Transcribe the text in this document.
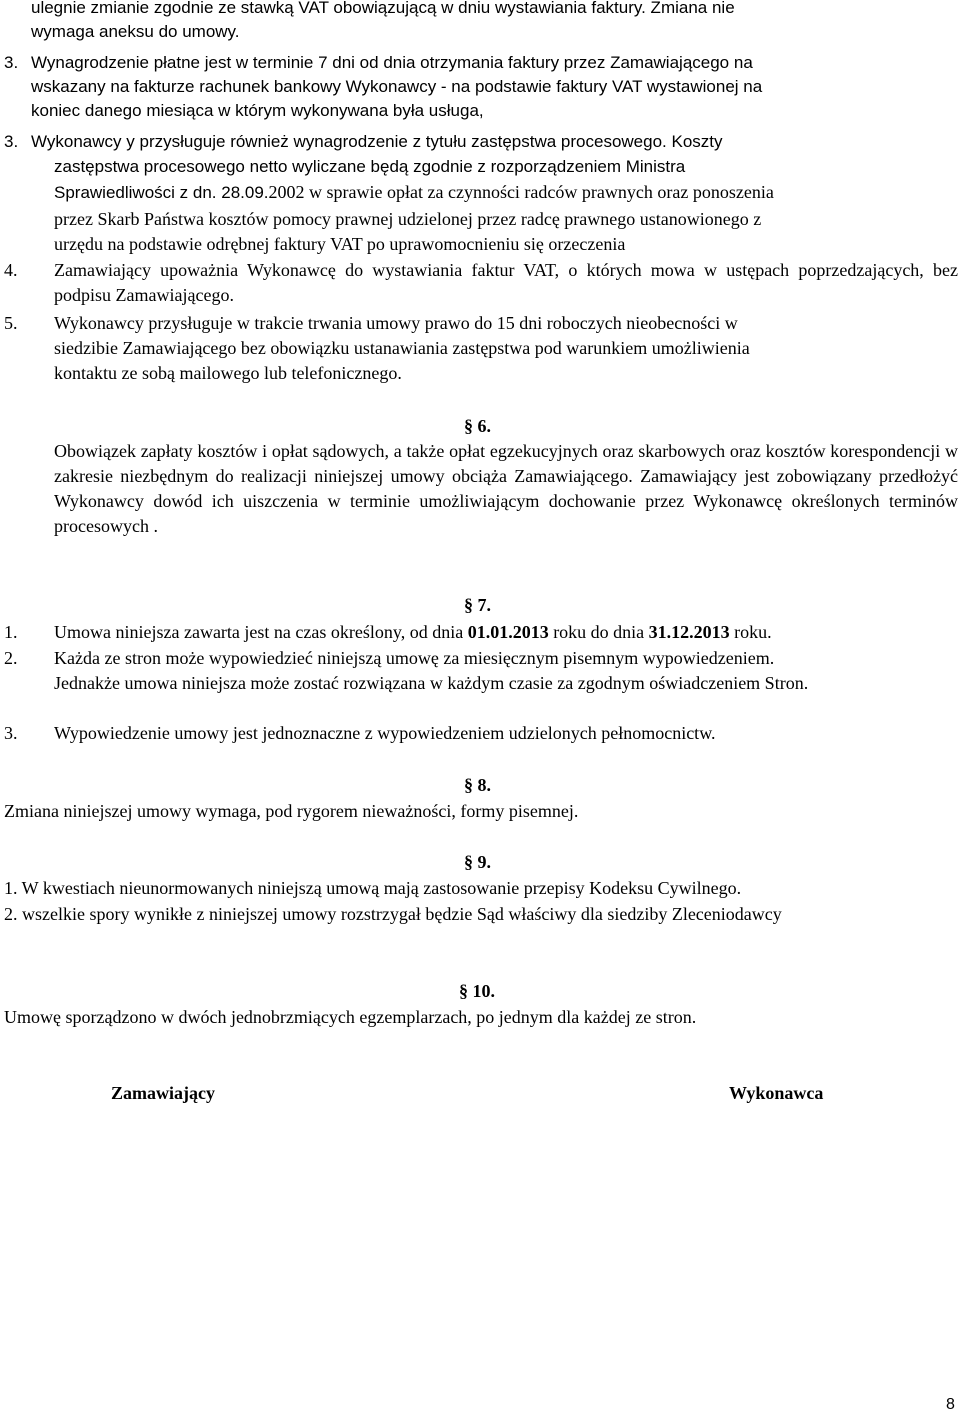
ulegnie zmianie zgodnie ze stawką VAT obowiązującą w dniu wystawiania faktury. Zmiana nie
wymaga aneksu do umowy.
3. Wynagrodzenie płatne jest w terminie 7 dni od dnia otrzymania faktury przez Zamawiającego na
wskazany na fakturze rachunek bankowy Wykonawcy - na podstawie faktury VAT wystawionej na
koniec danego miesiąca w którym wykonywana była usługa,
3. Wykonawcy y przysługuje również wynagrodzenie z tytułu zastępstwa procesowego. Koszty
zastępstwa procesowego netto wyliczane będą zgodnie z rozporządzeniem Ministra
Sprawiedliwości z dn. 28.09.2002 w sprawie opłat za czynności radców prawnych oraz ponoszenia
przez Skarb Państwa kosztów pomocy prawnej udzielonej przez radcę prawnego ustanowionego z
urzędu na podstawie odrębnej faktury VAT po uprawomocnieniu się orzeczenia
4. Zamawiający upoważnia Wykonawcę do wystawiania faktur VAT, o których mowa w ustępach poprzedzających, bez podpisu Zamawiającego.
5. Wykonawcy przysługuje w trakcie trwania umowy prawo do 15 dni roboczych nieobecności w
siedzibie Zamawiającego bez obowiązku ustanawiania zastępstwa pod warunkiem umożliwienia
kontaktu ze sobą mailowego lub telefonicznego.
§ 6.
Obowiązek zapłaty kosztów i opłat sądowych, a także opłat egzekucyjnych oraz skarbowych oraz kosztów korespondencji w zakresie niezbędnym do realizacji niniejszej umowy obciąża Zamawiającego. Zamawiający jest zobowiązany przedłożyć Wykonawcy dowód ich uiszczenia w terminie umożliwiającym dochowanie przez Wykonawcę określonych terminów procesowych .
§ 7.
1. Umowa niniejsza zawarta jest na czas określony, od dnia 01.01.2013 roku do dnia 31.12.2013 roku.
2. Każda ze stron może wypowiedzieć niniejszą umowę za miesięcznym pisemnym wypowiedzeniem.
Jednakże umowa niniejsza może zostać rozwiązana w każdym czasie za zgodnym oświadczeniem Stron.
3. Wypowiedzenie umowy jest jednoznaczne z wypowiedzeniem udzielonych pełnomocnictw.
§ 8.
Zmiana niniejszej umowy wymaga, pod rygorem nieważności, formy pisemnej.
§ 9.
1. W kwestiach nieunormowanych niniejszą umową mają zastosowanie przepisy Kodeksu Cywilnego.
2. wszelkie spory wynikłe z niniejszej umowy rozstrzygał będzie Sąd właściwy dla siedziby Zleceniodawcy
§ 10.
Umowę sporządzono w dwóch jednobrzmiących egzemplarzach, po jednym dla każdej ze stron.
Zamawiający	Wykonawca
8
